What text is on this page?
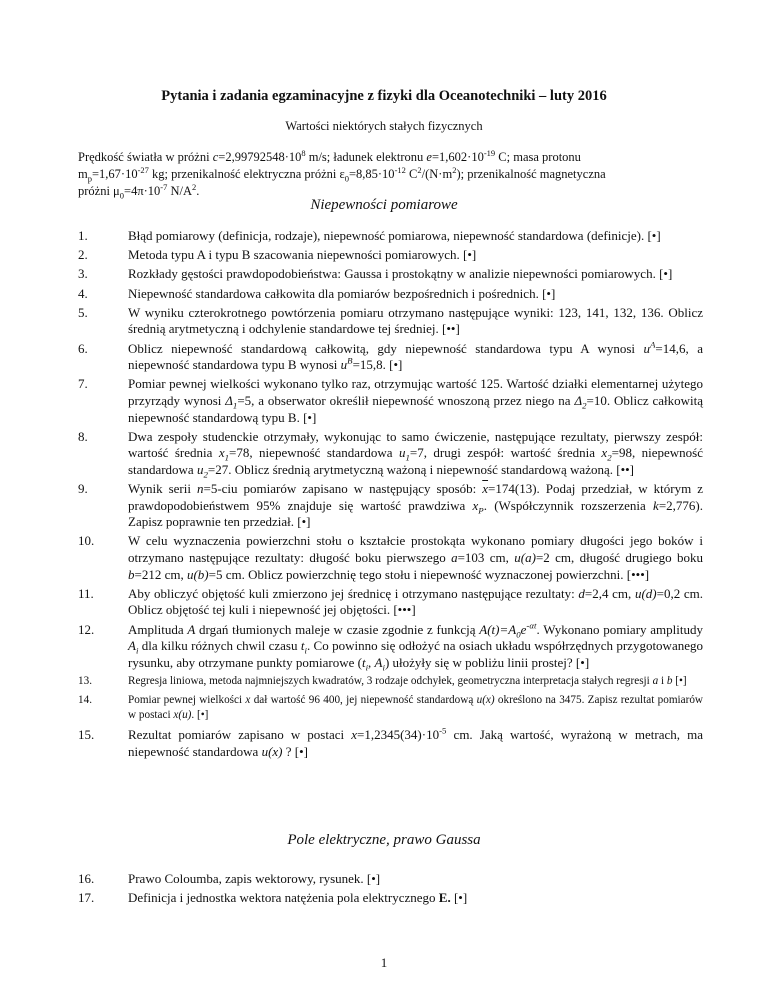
Pytania i zadania egzaminacyjne z fizyki dla Oceanotechniki – luty 2016
Wartości niektórych stałych fizycznych
Prędkość światła w próżni $c=2,99792548\cdot 10^8$ m/s; ładunek elektronu $e=1,602\cdot 10^{-19}$ C; masa protonu
$m_p=1,67\cdot 10^{-27}$ kg; przenikalność elektryczna próżni $\varepsilon_0=8,85\cdot 10^{-12}$ $C^2/(N\cdot m^2)$; przenikalność magnetyczna
próżni $\mu_0=4\pi\cdot 10^{-7}$ $N/A^2$.
Niepewności pomiarowe
1.	Błąd pomiarowy (definicja, rodzaje), niepewność pomiarowa, niepewność standardowa (definicje). [•]
2.	Metoda typu A i typu B szacowania niepewności pomiarowych. [•]
3.	Rozkłady gęstości prawdopodobieństwa: Gaussa i prostokątny w analizie niepewności pomiarowych. [•]
4.	Niepewność standardowa całkowita dla pomiarów bezpośrednich i pośrednich. [•]
5.	W wyniku czterokrotnego powtórzenia pomiaru otrzymano następujące wyniki: 123, 141, 132, 136. Oblicz średnią arytmetyczną i odchylenie standardowe tej średniej. [••]
6.	Oblicz niepewność standardową całkowitą, gdy niepewność standardowa typu A wynosi $u^A=14,6$, a niepewność standardowa typu B wynosi $u^B=15,8$. [•]
7.	Pomiar pewnej wielkości wykonano tylko raz, otrzymując wartość 125. Wartość działki elementarnej użytego przyrządy wynosi $\Delta_1=5$, a obserwator określił niepewność wnoszoną przez niego na $\Delta_2=10$. Oblicz całkowitą niepewność standardową typu B. [•]
8.	Dwa zespoły studenckie otrzymały, wykonując to samo ćwiczenie, następujące rezultaty, pierwszy zespół: wartość średnia $x_1=78$, niepewność standardowa $u_1=7$, drugi zespół: wartość średnia $x_2=98$, niepewność standardowa $u_2=27$. Oblicz średnią arytmetyczną ważoną i niepewność standardową ważoną. [••]
9.	Wynik serii n=5-ciu pomiarów zapisano w następujący sposób: $\overline{x}=174(13)$. Podaj przedział, w którym z prawdopodobieństwem 95% znajduje się wartość prawdziwa $x_P$. (Współczynnik rozszerzenia k=2,776). Zapisz poprawnie ten przedział. [•]
10.	W celu wyznaczenia powierzchni stołu o kształcie prostokąta wykonano pomiary długości jego boków i otrzymano następujące rezultaty: długość boku pierwszego a=103 cm, u(a)=2 cm, długość drugiego boku b=212 cm, u(b)=5 cm. Oblicz powierzchnię tego stołu i niepewność wyznaczonej powierzchni. [•••]
11.	Aby obliczyć objętość kuli zmierzono jej średnicę i otrzymano następujące rezultaty: d=2,4 cm, u(d)=0,2 cm. Oblicz objętość tej kuli i niepewność jej objętości. [•••]
12.	Amplituda A drgań tłumionych maleje w czasie zgodnie z funkcją $A(t)=A_0e^{-\alpha t}$. Wykonano pomiary amplitudy $A_i$ dla kilku różnych chwil czasu $t_i$. Co powinno się odłożyć na osiach układu współrzędnych przygotowanego rysunku, aby otrzymane punkty pomiarowe ($t_i$, $A_i$) ułożyły się w pobliżu linii prostej? [•]
13.	Regresja liniowa, metoda najmniejszych kwadratów, 3 rodzaje odchyłek, geometryczna interpretacja stałych regresji a i b [•]
14.	Pomiar pewnej wielkości x dał wartość 96 400, jej niepewność standardową u(x) określono na 3475. Zapisz rezultat pomiarów w postaci x(u). [•]
15.	Rezultat pomiarów zapisano w postaci $x=1,2345(34)\cdot 10^{-5}$ cm. Jaką wartość, wyrażoną w metrach, ma niepewność standardowa u(x) ? [•]
Pole elektryczne, prawo Gaussa
16.	Prawo Coloumba, zapis wektorowy, rysunek. [•]
17.	Definicja i jednostka wektora natężenia pola elektrycznego E. [•]
1
